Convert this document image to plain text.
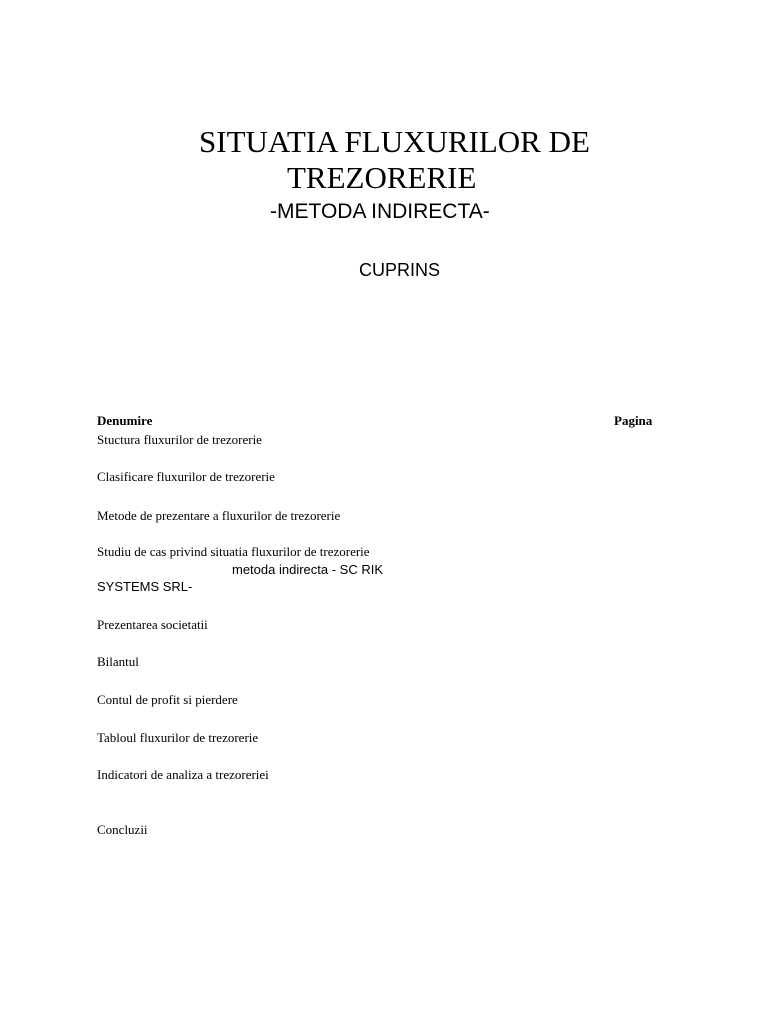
SITUATIA FLUXURILOR DE
TREZORERIE
-METODA INDIRECTA-
CUPRINS
Denumire	Pagina
Stuctura fluxurilor de trezorerie
Clasificare fluxurilor de trezorerie
Metode de prezentare a fluxurilor de trezorerie
Studiu de cas privind situatia fluxurilor de trezorerie
metoda indirecta - SC RIK
SYSTEMS SRL-
Prezentarea societatii
Bilantul
Contul de profit si pierdere
Tabloul fluxurilor de trezorerie
Indicatori de analiza a trezoreriei
Concluzii
